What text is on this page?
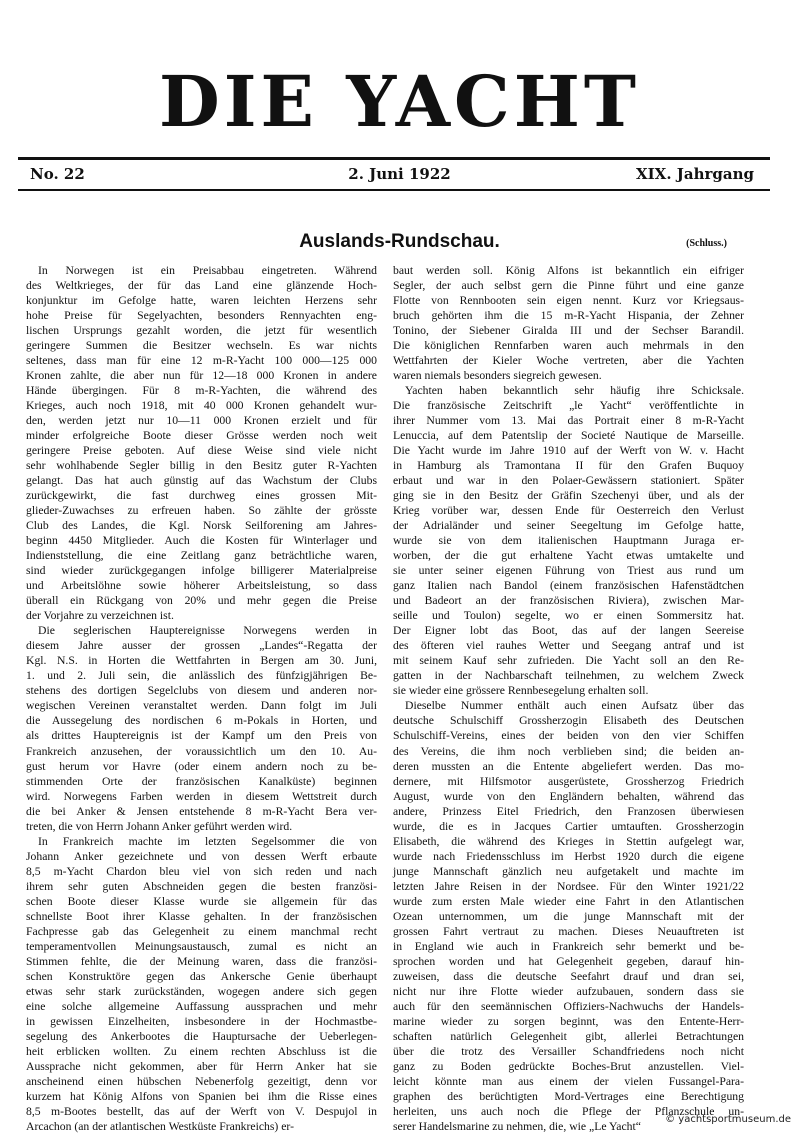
DIE YACHT
No. 22	2. Juni 1922	XIX. Jahrgang
Auslands-Rundschau.	(Schluss.)
In Norwegen ist ein Preisabbau eingetreten. Während
des Weltkrieges, der für das Land eine glänzende Hoch-
konjunktur im Gefolge hatte, waren leichten Herzens sehr
hohe Preise für Segelyachten, besonders Rennyachten eng-
lischen Ursprungs gezahlt worden, die jetzt für wesentlich
geringere Summen die Besitzer wechseln. Es war nichts
seltenes, dass man für eine 12 m-R-Yacht 100 000—125 000
Kronen zahlte, die aber nun für 12—18 000 Kronen in andere
Hände übergingen. Für 8 m-R-Yachten, die während des
Krieges, auch noch 1918, mit 40 000 Kronen gehandelt wur-
den, werden jetzt nur 10—11 000 Kronen erzielt und für
minder erfolgreiche Boote dieser Grösse werden noch weit
geringere Preise geboten. Auf diese Weise sind viele nicht
sehr wohlhabende Segler billig in den Besitz guter R-Yachten
gelangt. Das hat auch günstig auf das Wachstum der Clubs
zurückgewirkt, die fast durchweg eines grossen Mit-
glieder-Zuwachses zu erfreuen haben. So zählte der grösste
Club des Landes, die Kgl. Norsk Seilforening am Jahres-
beginn 4450 Mitglieder. Auch die Kosten für Winterlager und
Indienststellung, die eine Zeitlang ganz beträchtliche waren,
sind wieder zurückgegangen infolge billigerer Materialpreise
und Arbeitslöhne sowie höherer Arbeitsleistung, so dass
überall ein Rückgang von 20% und mehr gegen die Preise
der Vorjahre zu verzeichnen ist.
Die seglerischen Hauptereignisse Norwegens werden in
diesem Jahre ausser der grossen „Landes“-Regatta der
Kgl. N.S. in Horten die Wettfahrten in Bergen am 30. Juni,
1. und 2. Juli sein, die anlässlich des fünfzigjährigen Be-
stehens des dortigen Segelclubs von diesem und anderen nor-
wegischen Vereinen veranstaltet werden. Dann folgt im Juli
die Aussegelung des nordischen 6 m-Pokals in Horten, und
als drittes Hauptereignis ist der Kampf um den Preis von
Frankreich anzusehen, der voraussichtlich um den 10. Au-
gust herum vor Havre (oder einem andern noch zu be-
stimmenden Orte der französischen Kanalküste) beginnen
wird. Norwegens Farben werden in diesem Wettstreit durch
die bei Anker & Jensen entstehende 8 m-R-Yacht Bera ver-
treten, die von Herrn Johann Anker geführt werden wird.
In Frankreich machte im letzten Segelsommer die von
Johann Anker gezeichnete und von dessen Werft erbaute
8,5 m-Yacht Chardon bleu viel von sich reden und nach
ihrem sehr guten Abschneiden gegen die besten französi-
schen Boote dieser Klasse wurde sie allgemein für das
schnellste Boot ihrer Klasse gehalten. In der französischen
Fachpresse gab das Gelegenheit zu einem manchmal recht
temperamentvollen Meinungsaustausch, zumal es nicht an
Stimmen fehlte, die der Meinung waren, dass die französi-
schen Konstruktöre gegen das Ankersche Genie überhaupt
etwas sehr stark zurückständen, wogegen andere sich gegen
eine solche allgemeine Auffassung aussprachen und mehr
in gewissen Einzelheiten, insbesondere in der Hochmastbe-
segelung des Ankerbootes die Hauptursache der Ueberlegen-
heit erblicken wollten. Zu einem rechten Abschluss ist die
Aussprache nicht gekommen, aber für Herrn Anker hat sie
anscheinend einen hübschen Nebenerfolg gezeitigt, denn vor
kurzem hat König Alfons von Spanien bei ihm die Risse eines
8,5 m-Bootes bestellt, das auf der Werft von V. Despujol in
Arcachon (an der atlantischen Westküste Frankreichs) er-
baut werden soll. König Alfons ist bekanntlich ein eifriger
Segler, der auch selbst gern die Pinne führt und eine ganze
Flotte von Rennbooten sein eigen nennt. Kurz vor Kriegsaus-
bruch gehörten ihm die 15 m-R-Yacht Hispania, der Zehner
Tonino, der Siebener Giralda III und der Sechser Barandil.
Die königlichen Rennfarben waren auch mehrmals in den
Wettfahrten der Kieler Woche vertreten, aber die Yachten
waren niemals besonders siegreich gewesen.
Yachten haben bekanntlich sehr häufig ihre Schicksale.
Die französische Zeitschrift „le Yacht“ veröffentlichte in
ihrer Nummer vom 13. Mai das Portrait einer 8 m-R-Yacht
Lenuccia, auf dem Patentslip der Societé Nautique de Marseille.
Die Yacht wurde im Jahre 1910 auf der Werft von W. v. Hacht
in Hamburg als Tramontana II für den Grafen Buquoy
erbaut und war in den Polaer-Gewässern stationiert. Später
ging sie in den Besitz der Gräfin Szechenyi über, und als der
Krieg vorüber war, dessen Ende für Oesterreich den Verlust
der Adrialänder und seiner Seegeltung im Gefolge hatte,
wurde sie von dem italienischen Hauptmann Juraga er-
worben, der die gut erhaltene Yacht etwas umtakelte und
sie unter seiner eigenen Führung von Triest aus rund um
ganz Italien nach Bandol (einem französischen Hafenstädtchen
und Badeort an der französischen Riviera), zwischen Mar-
seille und Toulon) segelte, wo er einen Sommersitz hat.
Der Eigner lobt das Boot, das auf der langen Seereise
des öfteren viel rauhes Wetter und Seegang antraf und ist
mit seinem Kauf sehr zufrieden. Die Yacht soll an den Re-
gatten in der Nachbarschaft teilnehmen, zu welchem Zweck
sie wieder eine grössere Rennbesegelung erhalten soll.
Dieselbe Nummer enthält auch einen Aufsatz über das
deutsche Schulschiff Grossherzogin Elisabeth des Deutschen
Schulschiff-Vereins, eines der beiden von den vier Schiffen
des Vereins, die ihm noch verblieben sind; die beiden an-
deren mussten an die Entente abgeliefert werden. Das mo-
dernere, mit Hilfsmotor ausgerüstete, Grossherzog Friedrich
August, wurde von den Engländern behalten, während das
andere, Prinzess Eitel Friedrich, den Franzosen überwiesen
wurde, die es in Jacques Cartier umtauften. Grossherzogin
Elisabeth, die während des Krieges in Stettin aufgelegt war,
wurde nach Friedensschluss im Herbst 1920 durch die eigene
junge Mannschaft gänzlich neu aufgetakelt und machte im
letzten Jahre Reisen in der Nordsee. Für den Winter 1921/22
wurde zum ersten Male wieder eine Fahrt in den Atlantischen
Ozean unternommen, um die junge Mannschaft mit der
grossen Fahrt vertraut zu machen. Dieses Neuauftreten ist
in England wie auch in Frankreich sehr bemerkt und be-
sprochen worden und hat Gelegenheit gegeben, darauf hin-
zuweisen, dass die deutsche Seefahrt drauf und dran sei,
nicht nur ihre Flotte wieder aufzubauen, sondern dass sie
auch für den seemännischen Offiziers-Nachwuchs der Handels-
marine wieder zu sorgen beginnt, was den Entente-Herr-
schaften natürlich Gelegenheit gibt, allerlei Betrachtungen
über die trotz des Versailler Schandfriedens noch nicht
ganz zu Boden gedrückte Boches-Brut anzustellen. Viel-
leicht könnte man aus einem der vielen Fussangel-Para-
graphen des berüchtigten Mord-Vertrages eine Berechtigung
herleiten, uns auch noch die Pflege der Pflanzschule un-
serer Handelsmarine zu nehmen, die, wie „Le Yacht“
© yachtsportmuseum.de
